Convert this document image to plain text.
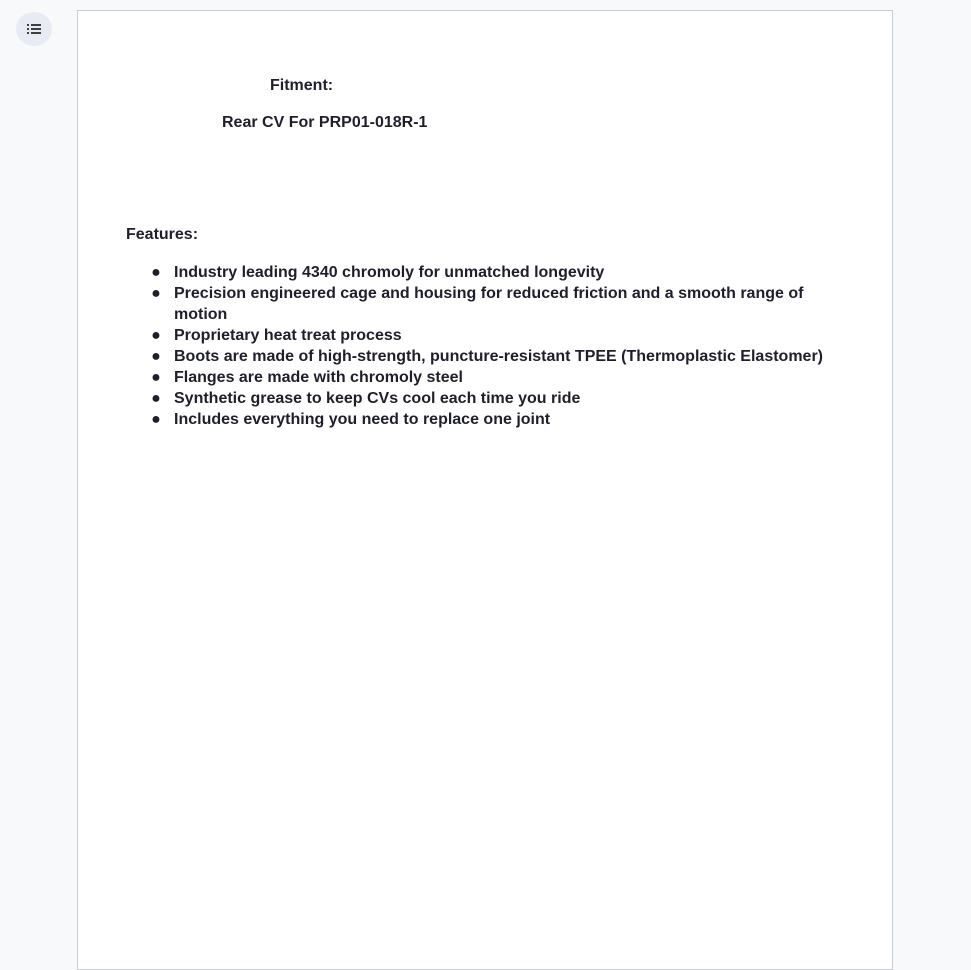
Fitment:

Rear CV For PRP01-018R-1

Features:

● Industry leading 4340 chromoly for unmatched longevity
● Precision engineered cage and housing for reduced friction and a smooth range of motion
● Proprietary heat treat process
● Boots are made of high-strength, puncture-resistant TPEE (Thermoplastic Elastomer)
● Flanges are made with chromoly steel
● Synthetic grease to keep CVs cool each time you ride
● Includes everything you need to replace one joint
